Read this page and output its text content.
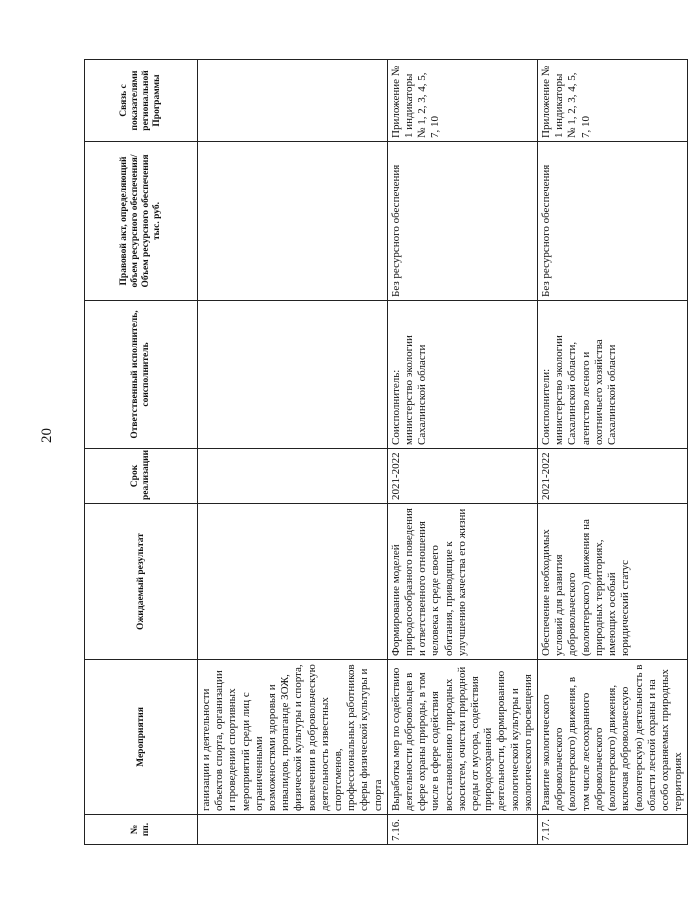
20
№ пп.	Мероприятия	Ожидаемый результат	Срок реализации	Ответственный исполнитель, соисполнитель	Правовой акт, определяющий объем ресурсного обеспечения/Объем ресурсного обеспечения тыс. руб.	Связь с показателями региональной Программы
	ганизации и деятельности объектов спорта, организации и проведении спортивных мероприятий среди лиц с ограниченными возможностями здоровья и инвалидов, пропаганде ЗОЖ, физической культуры и спорта, вовлечении в добровольческую деятельность известных спортсменов, профессиональных работников сферы физической культуры и спорта					
7.16.	Выработка мер по содействию деятельности добровольцев в сфере охраны природы, в том числе в сфере содействия восстановлению природных экосистем, очистки природной среды от мусора, содействия природоохранной деятельности, формированию экологической культуры и экологического просвещения	Формирование моделей природосообразного поведения и ответственного отношения человека к среде своего обитания, приводящие к улучшению качества его жизни	2021-2022	Соисполнитель: министерство экологии Сахалинской области	Без ресурсного обеспечения	Приложение № 1 индикаторы № 1, 2, 3, 4, 5, 7, 10
7.17.	Развитие экологического добровольческого (волонтерского) движения, в том числе лесоохранного добровольческого (волонтерского) движения, включая добровольческую (волонтерскую) деятельность в области лесной охраны и на особо охраняемых природных территориях	Обеспечение необходимых условий для развития добровольческого (волонтерского) движения на природных территориях, имеющих особый юридический статус	2021-2022	Соисполнители: министерство экологии Сахалинской области, агентство лесного и охотничьего хозяйства Сахалинской области	Без ресурсного обеспечения	Приложение № 1 индикаторы № 1, 2, 3, 4, 5, 7, 10
